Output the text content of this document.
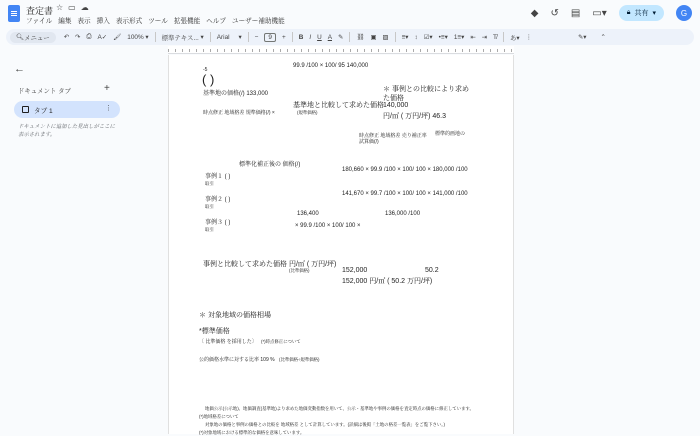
査定書 ☆ ▭ ☁
ファイル 編集 表示 挿入 表示形式 ツール 拡張機能 ヘルプ ユーザー補助機能
◆ ↺ ▤ ▭▾	🔒︎ 共有 ▾	G
🔍︎ メニュー ↶ ↷ ⎙ A✓ 🖌︎ 100% ▾ 標準テキス... ▾ Arial ▾ −	9	+ B I U A ✎ ⛓︎ ▣ ▨ ≡▾ ↕ ☑▾ •≡▾ 1≡▾ ⇤ ⇥ T̸ あ▾ ⋮	✎▾ ⌃
←
ドキュメント タブ	+
タブ 1	⋮
ドキュメントに追加した見出しがここに表示されます。
99.9 /100 × 100/ 95 140,000
-5
( )
基準地の価格(/) 133,000
＊ 事例との比較により求め
た価格
基準地と比較して求めた価格 140,000
(規準価格)
円/㎡ ( 万円/坪) 46.3
時点修正 地域格差 規準価格(/) ×
時点修正 地域格差 売り補正率 標準的画地の
試算価(/)
標準化補正後の 価格(/)
事例１ ( )
180,660 × 99.9 /100 × 100/ 100 × 180,000 /100
取引
事例２ ( )
141,670 × 99.7 /100 × 100/ 100 × 141,000 /100
取引
136,400	136,000 /100
事例３ ( )	× 99.9 /100 × 100/ 100 ×
取引
事例と比較して求めた価格 円/㎡ ( 万円/坪)
(比準価格)	152,000	50.2
152,000 円/㎡ ( 50.2 万円/坪)
＊ 対象地域の価格相場
*標準価格
〔 比準価格 を採用した〕 (*)時点修正について
公的価格水準に対する比率 109 % (比準価格÷規準価格)
地価公示(公示地)、地価調査(基準地)より求めた地価変動指数を用いて、公示・基準地や事例の価格を査定時点の価格に修正しています。
(*)地域格差について
対象地の価格と事例の価格との比較を 地域格差 として計算しています。(詳細は後掲「土地の格差一覧表」をご覧下さい。)
(*)対象地域における標準的な価格を意味しています。
